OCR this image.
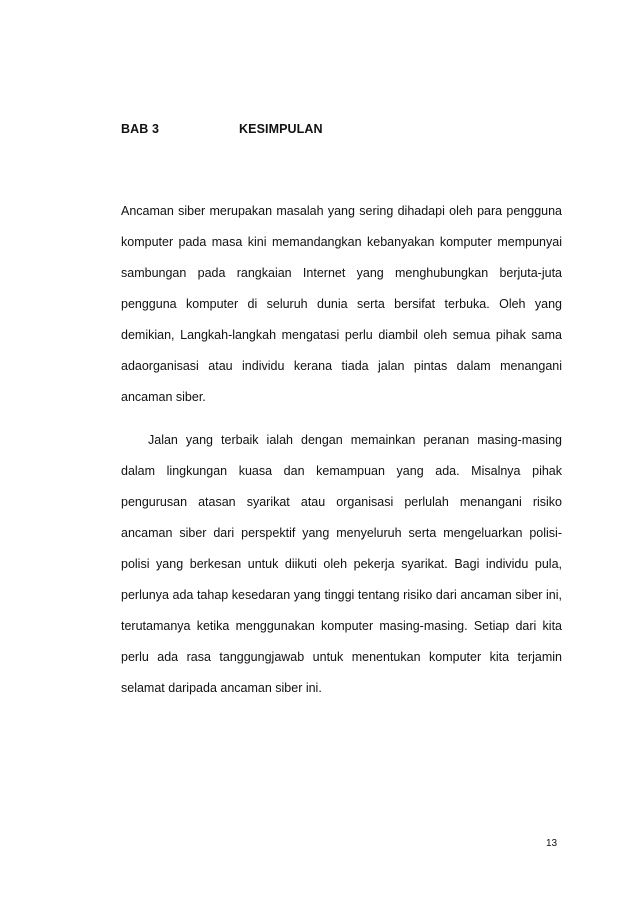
BAB 3	KESIMPULAN

Ancaman siber merupakan masalah yang sering dihadapi oleh para pengguna komputer pada masa kini memandangkan kebanyakan komputer mempunyai sambungan pada rangkaian Internet yang menghubungkan berjuta-juta pengguna komputer di seluruh dunia serta bersifat terbuka. Oleh yang demikian, Langkah-langkah mengatasi perlu diambil oleh semua pihak sama adaorganisasi atau individu kerana tiada jalan pintas dalam menangani ancaman siber.

Jalan yang terbaik ialah dengan memainkan peranan masing-masing dalam lingkungan kuasa dan kemampuan yang ada. Misalnya pihak pengurusan atasan syarikat atau organisasi perlulah menangani risiko ancaman siber dari perspektif yang menyeluruh serta mengeluarkan polisi-polisi yang berkesan untuk diikuti oleh pekerja syarikat. Bagi individu pula, perlunya ada tahap kesedaran yang tinggi tentang risiko dari ancaman siber ini, terutamanya ketika menggunakan komputer masing-masing. Setiap dari kita perlu ada rasa tanggungjawab untuk menentukan komputer kita terjamin selamat daripada ancaman siber ini.

13
